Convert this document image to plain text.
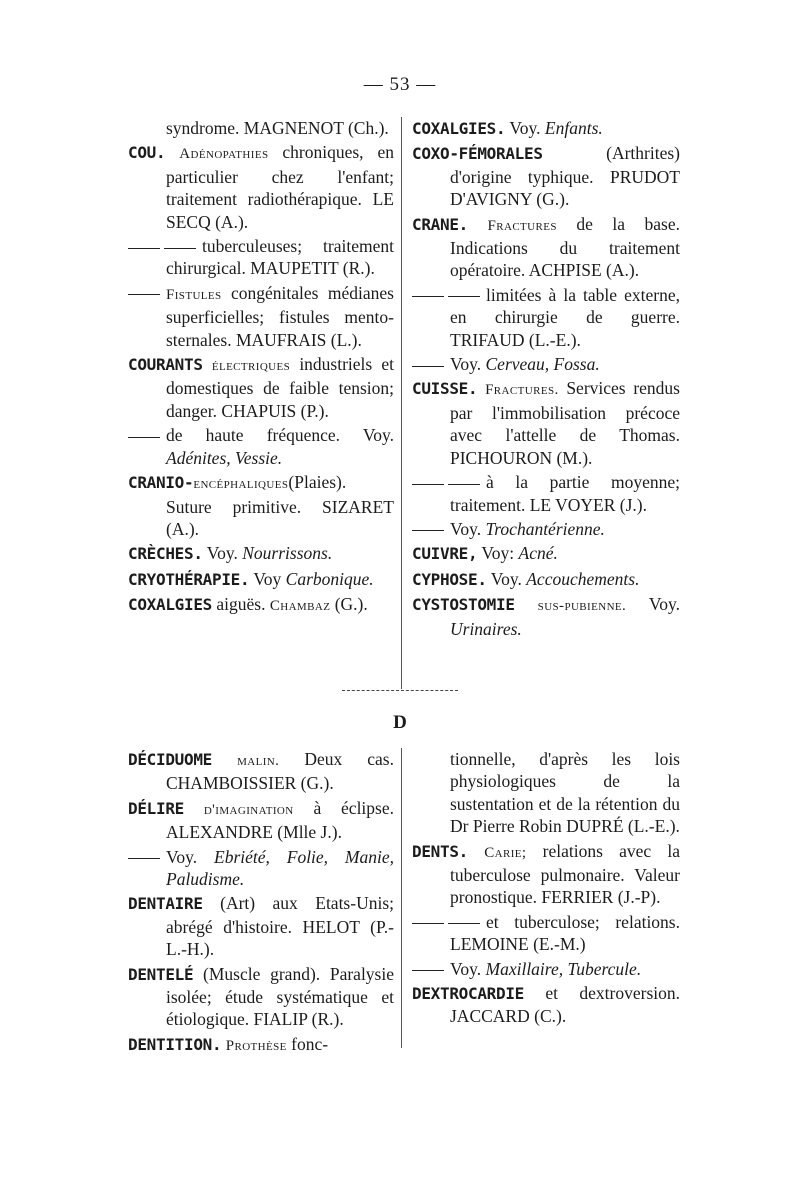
— 53 —

syndrome. MAGNENOT (Ch.).

COU. Adénopathies chroniques, en particulier chez l'enfant; traitement radiothérapique. LE SECQ (A.).

tuberculeuses; traitement chirurgical. MAUPETIT (R.).

Fistules congénitales médianes superficielles; fistules mento-sternales. MAUFRAIS (L.).

COURANTS électriques industriels et domestiques de faible tension; danger. CHAPUIS (P.).

de haute fréquence. Voy. Adénites, Vessie.

CRANIO-encéphaliques(Plaies). Suture primitive. SIZARET (A.).

CRÈCHES. Voy. Nourrissons.

CRYOTHÉRAPIE. Voy Carbonique.

COXALGIES aiguës. Chambaz (G.).

COXALGIES. Voy. Enfants.

COXO-FÉMORALES (Arthrites) d'origine typhique. PRUDOT D'AVIGNY (G.).

CRANE. Fractures de la base. Indications du traitement opératoire. ACHPISE (A.).

limitées à la table externe, en chirurgie de guerre. TRIFAUD (L.-E.).

Voy. Cerveau, Fossa.

CUISSE. Fractures. Services rendus par l'immobilisation précoce avec l'attelle de Thomas. PICHOURON (M.).

à la partie moyenne; traitement. LE VOYER (J.).

Voy. Trochantérienne.

CUIVRE, Voy: Acné.

CYPHOSE. Voy. Accouchements.

CYSTOSTOMIE sus-pubienne. Voy. Urinaires.

D

DÉCIDUOME malin. Deux cas. CHAMBOISSIER (G.).

DÉLIRE d'imagination à éclipse. ALEXANDRE (Mlle J.).

Voy. Ebriété, Folie, Manie, Paludisme.

DENTAIRE (Art) aux Etats-Unis; abrégé d'histoire. HELOT (P.-L.-H.).

DENTELÉ (Muscle grand). Paralysie isolée; étude systématique et étiologique. FIALIP (R.).

DENTITION. Prothèse fonc-

tionnelle, d'après les lois physiologiques de la sustentation et de la rétention du Dr Pierre Robin DUPRÉ (L.-E.).

DENTS. Carie; relations avec la tuberculose pulmonaire. Valeur pronostique. FERRIER (J.-P).

et tuberculose; relations. LEMOINE (E.-M.)

Voy. Maxillaire, Tubercule.

DEXTROCARDIE et dextroversion. JACCARD (C.).
